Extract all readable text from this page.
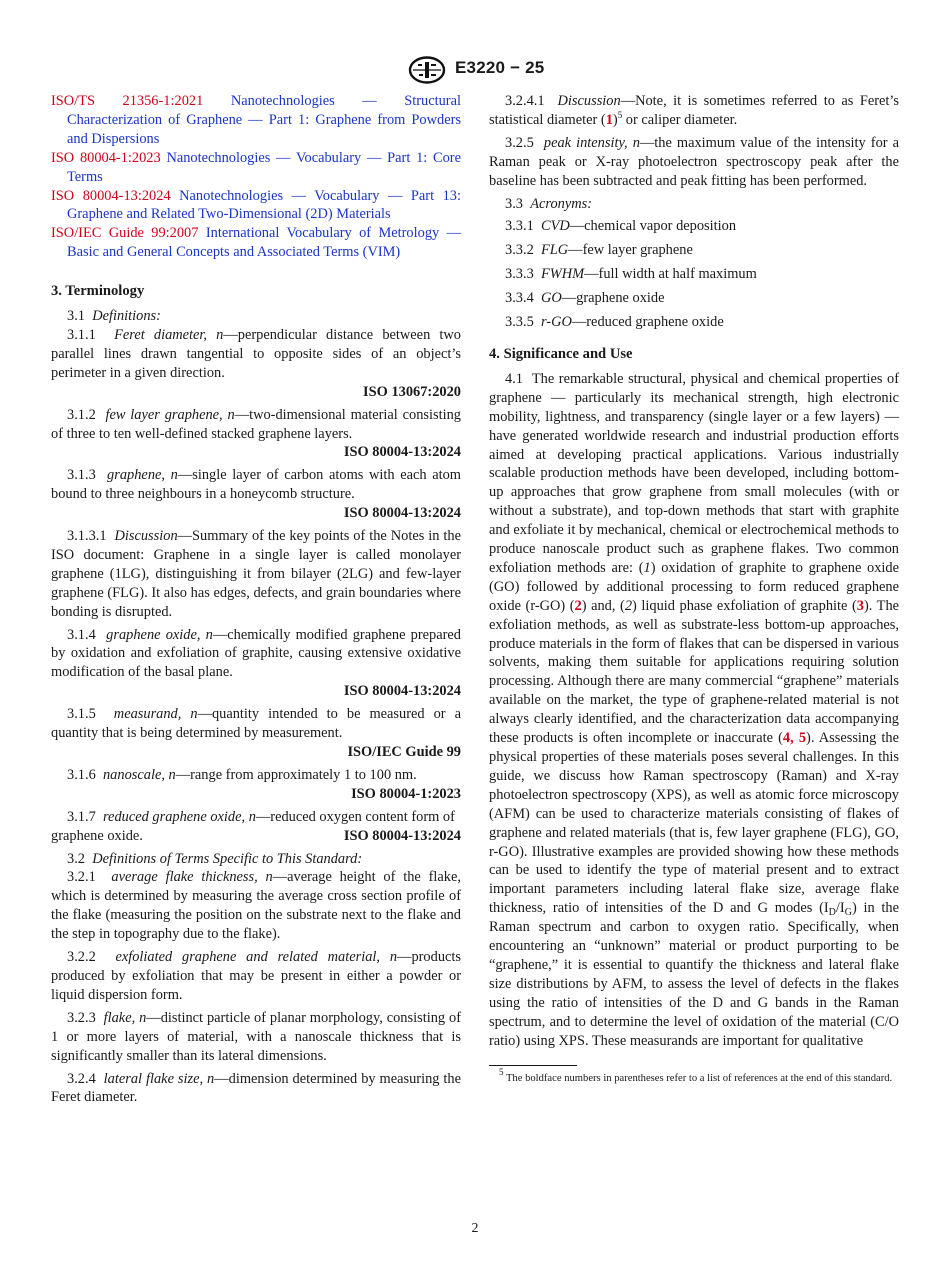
E3220 − 25
ISO/TS 21356-1:2021 Nanotechnologies — Structural Characterization of Graphene — Part 1: Graphene from Powders and Dispersions
ISO 80004-1:2023 Nanotechnologies — Vocabulary — Part 1: Core Terms
ISO 80004-13:2024 Nanotechnologies — Vocabulary — Part 13: Graphene and Related Two-Dimensional (2D) Materials
ISO/IEC Guide 99:2007 International Vocabulary of Metrology — Basic and General Concepts and Associated Terms (VIM)
3. Terminology
3.1 Definitions:
3.1.1 Feret diameter, n—perpendicular distance between two parallel lines drawn tangential to opposite sides of an object’s perimeter in a given direction.
ISO 13067:2020
3.1.2 few layer graphene, n—two-dimensional material consisting of three to ten well-defined stacked graphene layers.
ISO 80004-13:2024
3.1.3 graphene, n—single layer of carbon atoms with each atom bound to three neighbours in a honeycomb structure.
ISO 80004-13:2024
3.1.3.1 Discussion—Summary of the key points of the Notes in the ISO document: Graphene in a single layer is called monolayer graphene (1LG), distinguishing it from bilayer (2LG) and few-layer graphene (FLG). It also has edges, defects, and grain boundaries where bonding is disrupted.
3.1.4 graphene oxide, n—chemically modified graphene prepared by oxidation and exfoliation of graphite, causing extensive oxidative modification of the basal plane.
ISO 80004-13:2024
3.1.5 measurand, n—quantity intended to be measured or a quantity that is being determined by measurement.
ISO/IEC Guide 99
3.1.6 nanoscale, n—range from approximately 1 to 100 nm.
ISO 80004-1:2023
3.1.7 reduced graphene oxide, n—reduced oxygen content form of graphene oxide.	ISO 80004-13:2024
3.2 Definitions of Terms Specific to This Standard:
3.2.1 average flake thickness, n—average height of the flake, which is determined by measuring the average cross section profile of the flake (measuring the position on the substrate next to the flake and the step in topography due to the flake).
3.2.2 exfoliated graphene and related material, n—products produced by exfoliation that may be present in either a powder or liquid dispersion form.
3.2.3 flake, n—distinct particle of planar morphology, consisting of 1 or more layers of material, with a nanoscale thickness that is significantly smaller than its lateral dimensions.
3.2.4 lateral flake size, n—dimension determined by measuring the Feret diameter.
3.2.4.1 Discussion—Note, it is sometimes referred to as Feret’s statistical diameter $(1)^5$ or caliper diameter.
3.2.5 peak intensity, n—the maximum value of the intensity for a Raman peak or X-ray photoelectron spectroscopy peak after the baseline has been subtracted and peak fitting has been performed.
3.3 Acronyms:
3.3.1 CVD—chemical vapor deposition
3.3.2 FLG—few layer graphene
3.3.3 FWHM—full width at half maximum
3.3.4 GO—graphene oxide
3.3.5 r-GO—reduced graphene oxide
4. Significance and Use
4.1 The remarkable structural, physical and chemical properties of graphene — particularly its mechanical strength, high electronic mobility, lightness, and transparency (single layer or a few layers) — have generated worldwide research and industrial production efforts aimed at developing practical applications. Various industrially scalable production methods have been developed, including bottom-up approaches that grow graphene from small molecules (with or without a substrate), and top-down methods that start with graphite and exfoliate it by mechanical, chemical or electrochemical methods to produce nanoscale product such as graphene flakes. Two common exfoliation methods are: (1) oxidation of graphite to graphene oxide (GO) followed by additional processing to form reduced graphene oxide (r-GO) (2) and, (2) liquid phase exfoliation of graphite (3). The exfoliation methods, as well as substrate-less bottom-up approaches, produce materials in the form of flakes that can be dispersed in various solvents, making them suitable for applications requiring solution processing. Although there are many commercial “graphene” materials available on the market, the type of graphene-related material is not always clearly identified, and the characterization data accompanying these products is often incomplete or inaccurate (4, 5). Assessing the physical properties of these materials poses several challenges. In this guide, we discuss how Raman spectroscopy (Raman) and X-ray photoelectron spectroscopy (XPS), as well as atomic force microscopy (AFM) can be used to characterize materials consisting of flakes of graphene and related materials (that is, few layer graphene (FLG), GO, r-GO). Illustrative examples are provided showing how these methods can be used to identify the type of material present and to extract important parameters including lateral flake size, average flake thickness, ratio of intensities of the D and G modes $(I_D/I_G)$ in the Raman spectrum and carbon to oxygen ratio. Specifically, when encountering an “unknown” material or product purporting to be “graphene,” it is essential to quantify the thickness and lateral flake size distributions by AFM, to assess the level of defects in the flakes using the ratio of intensities of the D and G bands in the Raman spectrum, and to determine the level of oxidation of the material (C/O ratio) using XPS. These measurands are important for qualitative
$^5$ The boldface numbers in parentheses refer to a list of references at the end of this standard.
2
